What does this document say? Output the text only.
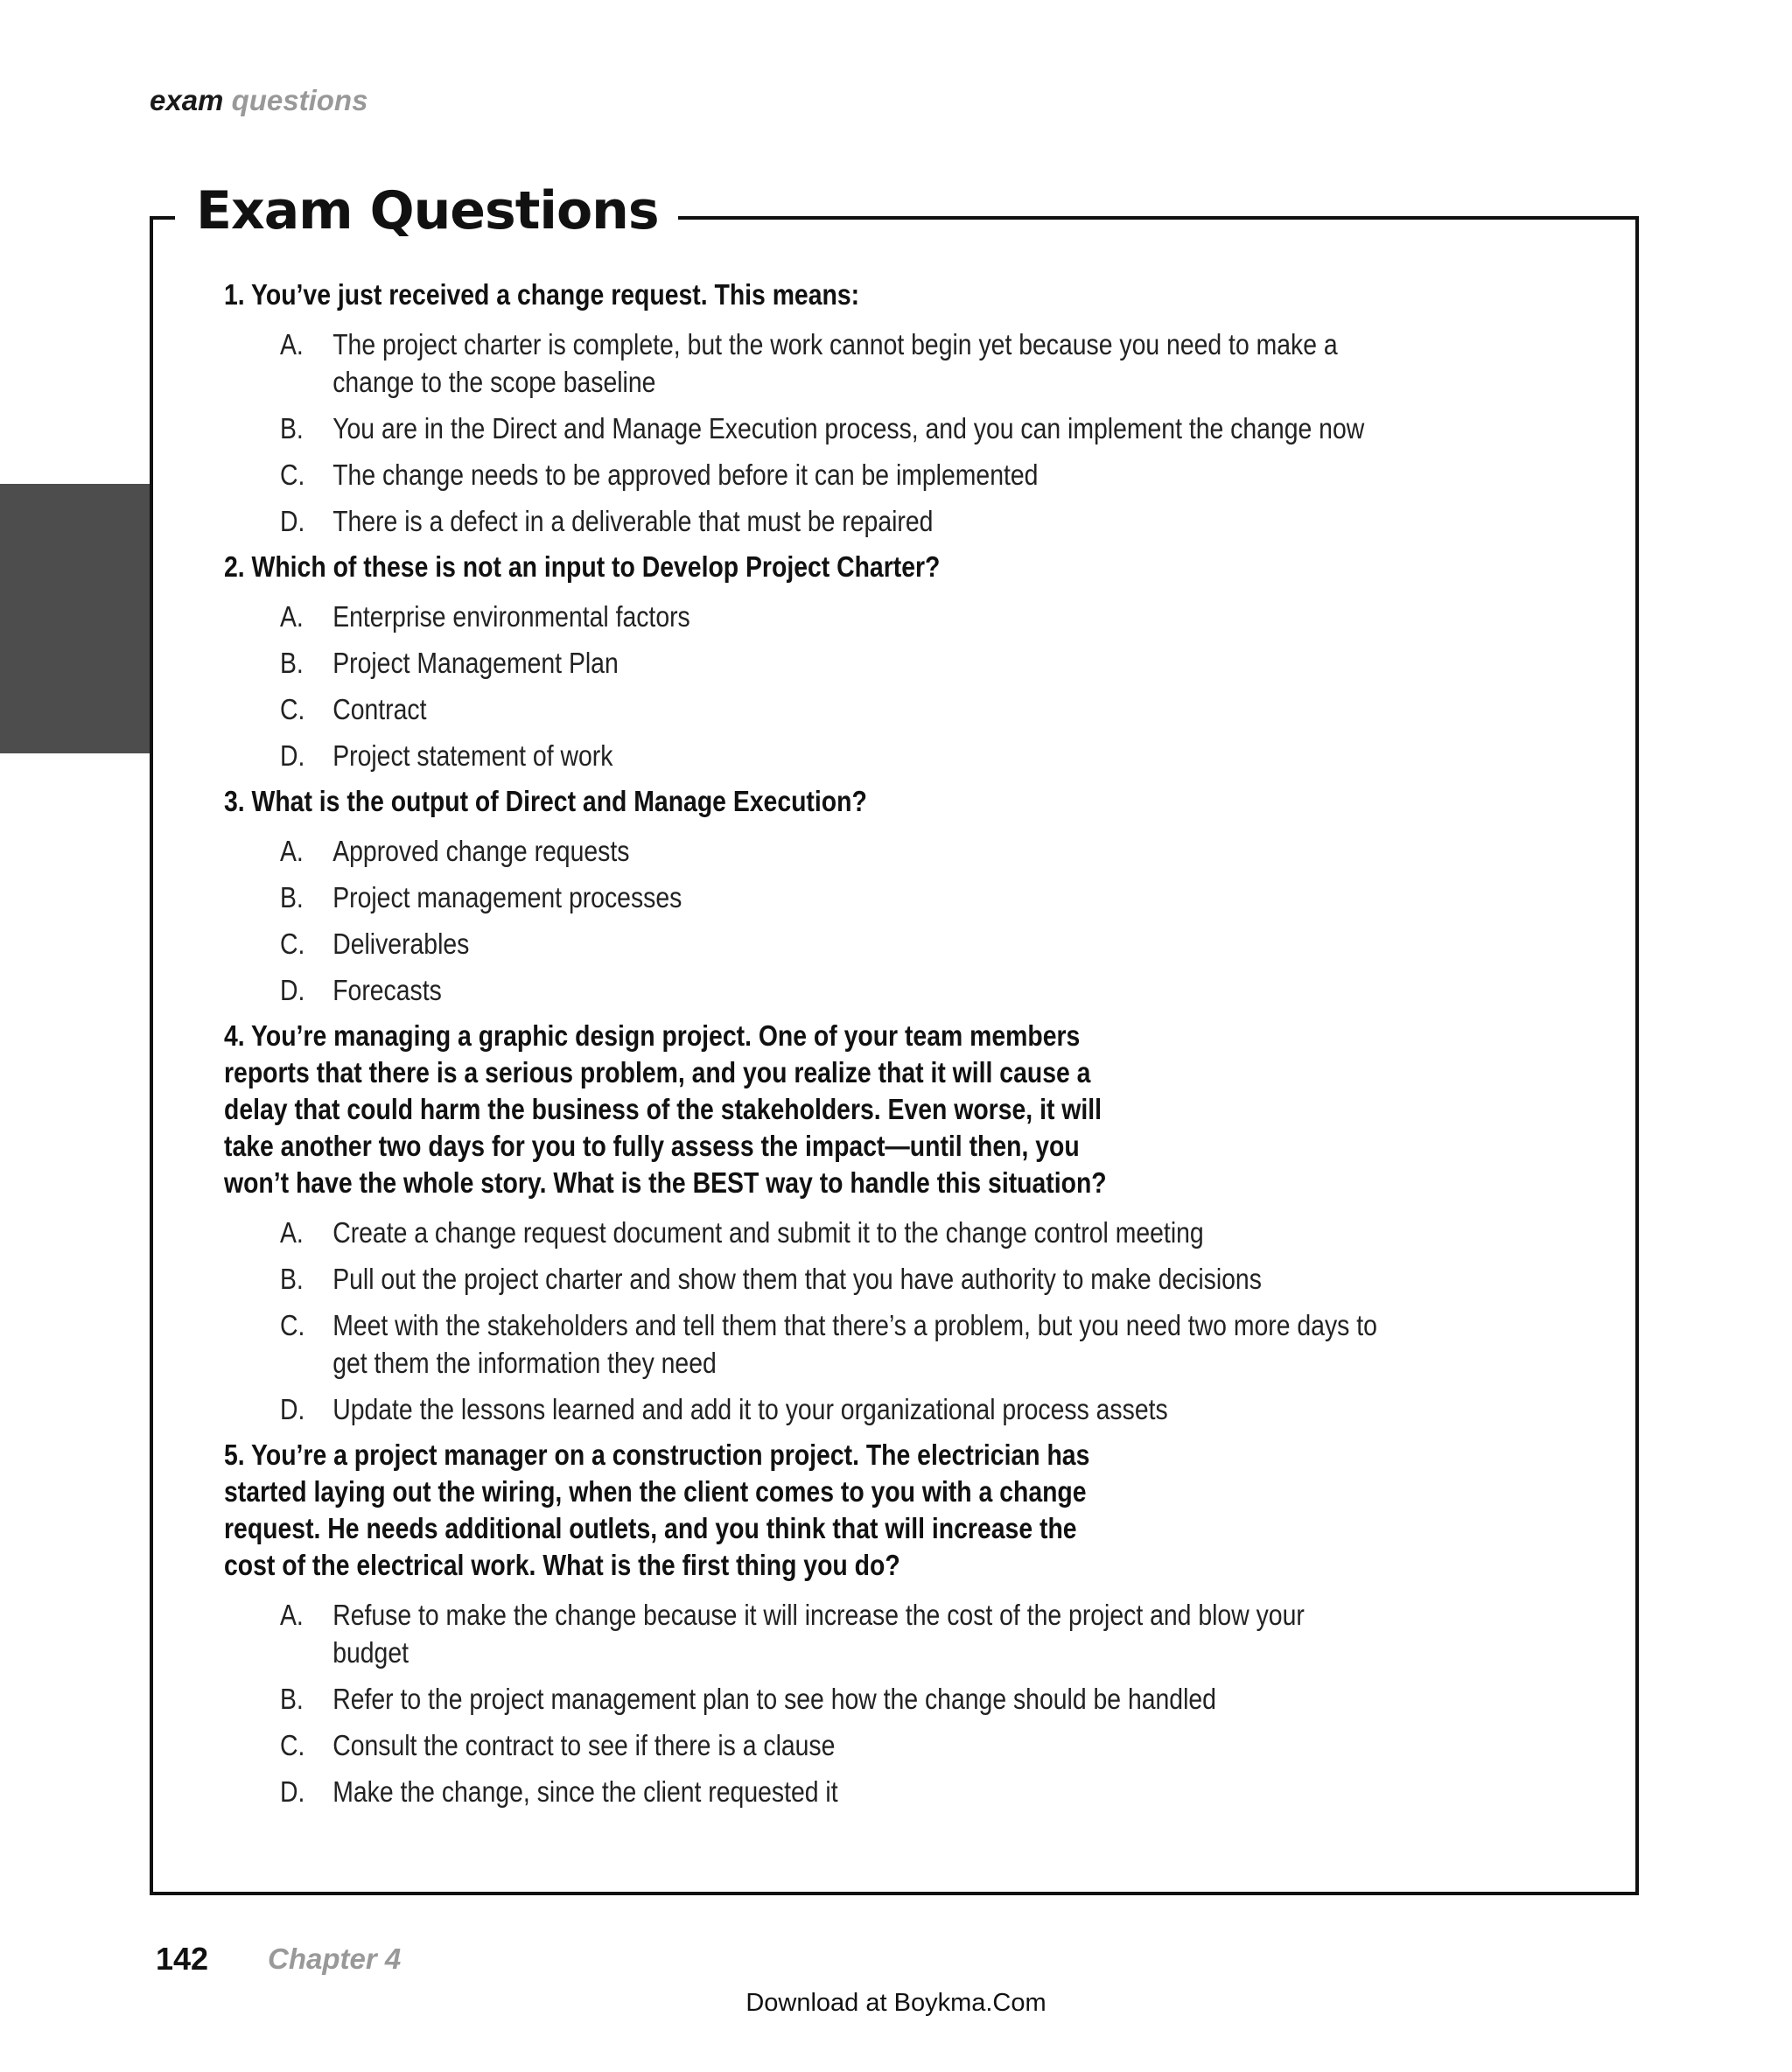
exam questions
Exam Questions
1. You’ve just received a change request. This means:
A.	The project charter is complete, but the work cannot begin yet because you need to make a change to the scope baseline
B.	You are in the Direct and Manage Execution process, and you can implement the change now
C. The change needs to be approved before it can be implemented
D. There is a defect in a deliverable that must be repaired
2. Which of these is not an input to Develop Project Charter?
A.	Enterprise environmental factors
B.	Project Management Plan
C. Contract
D. Project statement of work
3. What is the output of Direct and Manage Execution?
A.	Approved change requests
B.	Project management processes
C. Deliverables
D. Forecasts
4. You’re managing a graphic design project. One of your team members reports that there is a serious problem, and you realize that it will cause a delay that could harm the business of the stakeholders. Even worse, it will take another two days for you to fully assess the impact—until then, you won’t have the whole story. What is the BEST way to handle this situation?
A.	Create a change request document and submit it to the change control meeting
B.	Pull out the project charter and show them that you have authority to make decisions
C. Meet with the stakeholders and tell them that there’s a problem, but you need two more days to get them the information they need
D. Update the lessons learned and add it to your organizational process assets
5. You’re a project manager on a construction project. The electrician has started laying out the wiring, when the client comes to you with a change request. He needs additional outlets, and you think that will increase the cost of the electrical work. What is the first thing you do?
A.	Refuse to make the change because it will increase the cost of the project and blow your budget
B.	Refer to the project management plan to see how the change should be handled
C. Consult the contract to see if there is a clause
D. Make the change, since the client requested it
142 Chapter 4
Download at Boykma.Com
